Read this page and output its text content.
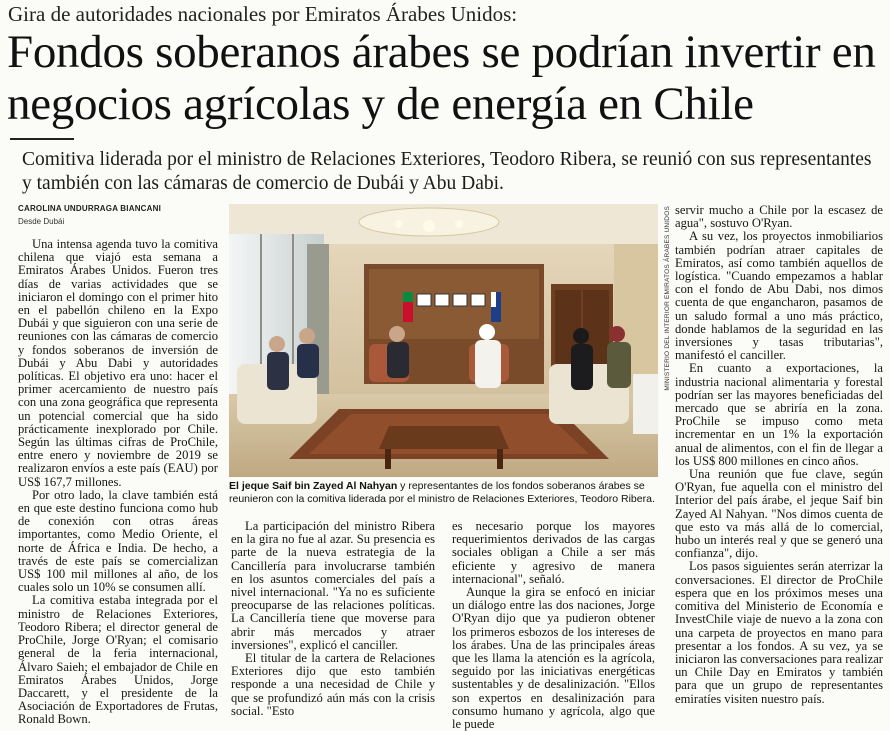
Gira de autoridades nacionales por Emiratos Árabes Unidos:
Fondos soberanos árabes se podrían invertir en negocios agrícolas y de energía en Chile
Comitiva liderada por el ministro de Relaciones Exteriores, Teodoro Ribera, se reunió con sus representantes y también con las cámaras de comercio de Dubái y Abu Dabi.
CAROLINA UNDURRAGA BIANCANI
Desde Dubái

Una intensa agenda tuvo la comitiva chilena que viajó esta semana a Emiratos Árabes Unidos. Fueron tres días de varias actividades que se iniciaron el domingo con el primer hito en el pabellón chileno en la Expo Dubái y que siguieron con una serie de reuniones con las cámaras de comercio y fondos soberanos de inversión de Dubái y Abu Dabi y autoridades políticas. El objetivo era uno: hacer el primer acercamiento de nuestro país con una zona geográfica que representa un potencial comercial que ha sido prácticamente inexplorado por Chile. Según las últimas cifras de ProChile, entre enero y noviembre de 2019 se realizaron envíos a este país (EAU) por US$ 167,7 millones.

Por otro lado, la clave también está en que este destino funciona como hub de conexión con otras áreas importantes, como Medio Oriente, el norte de África e India. De hecho, a través de este país se comercializan US$ 100 mil millones al año, de los cuales solo un 10% se consumen allí.

La comitiva estaba integrada por el ministro de Relaciones Exteriores, Teodoro Ribera; el director general de ProChile, Jorge O'Ryan; el comisario general de la feria internacional, Álvaro Saieh; el embajador de Chile en Emiratos Árabes Unidos, Jorge Daccarett, y el presidente de la Asociación de Exportadores de Frutas, Ronald Bown.

MINISTERIO DEL INTERIOR EMIRATOS ÁRABES UNIDOS
El jeque Saif bin Zayed Al Nahyan y representantes de los fondos soberanos árabes se reunieron con la comitiva liderada por el ministro de Relaciones Exteriores, Teodoro Ribera.

La participación del ministro Ribera en la gira no fue al azar. Su presencia es parte de la nueva estrategia de la Cancillería para involucrarse también en los asuntos comerciales del país a nivel internacional. "Ya no es suficiente preocuparse de las relaciones políticas. La Cancillería tiene que moverse para abrir más mercados y atraer inversiones", explicó el canciller.

El titular de la cartera de Relaciones Exteriores dijo que esto también responde a una necesidad de Chile y que se profundizó aún más con la crisis social. "Esto

es necesario porque los mayores requerimientos derivados de las cargas sociales obligan a Chile a ser más eficiente y agresivo de manera internacional", señaló.

Aunque la gira se enfocó en iniciar un diálogo entre las dos naciones, Jorge O'Ryan dijo que ya pudieron obtener los primeros esbozos de los intereses de los árabes. Una de las principales áreas que les llama la atención es la agrícola, seguido por las iniciativas energéticas sustentables y de desalinización. "Ellos son expertos en desalinización para consumo humano y agrícola, algo que le puede

servir mucho a Chile por la escasez de agua", sostuvo O'Ryan.

A su vez, los proyectos inmobiliarios también podrían atraer capitales de Emiratos, así como también aquellos de logística. "Cuando empezamos a hablar con el fondo de Abu Dabi, nos dimos cuenta de que engancharon, pasamos de un saludo formal a uno más práctico, donde hablamos de la seguridad en las inversiones y tasas tributarias", manifestó el canciller.

En cuanto a exportaciones, la industria nacional alimentaria y forestal podrían ser las mayores beneficiadas del mercado que se abriría en la zona. ProChile se impuso como meta incrementar en un 1% la exportación anual de alimentos, con el fin de llegar a los US$ 800 millones en cinco años.

Una reunión que fue clave, según O'Ryan, fue aquella con el ministro del Interior del país árabe, el jeque Saif bin Zayed Al Nahyan. "Nos dimos cuenta de que esto va más allá de lo comercial, hubo un interés real y que se generó una confianza", dijo.

Los pasos siguientes serán aterrizar la conversaciones. El director de ProChile espera que en los próximos meses una comitiva del Ministerio de Economía e InvestChile viaje de nuevo a la zona con una carpeta de proyectos en mano para presentar a los fondos. A su vez, ya se iniciaron las conversaciones para realizar un Chile Day en Emiratos y también para que un grupo de representantes emiratíes visiten nuestro país.
